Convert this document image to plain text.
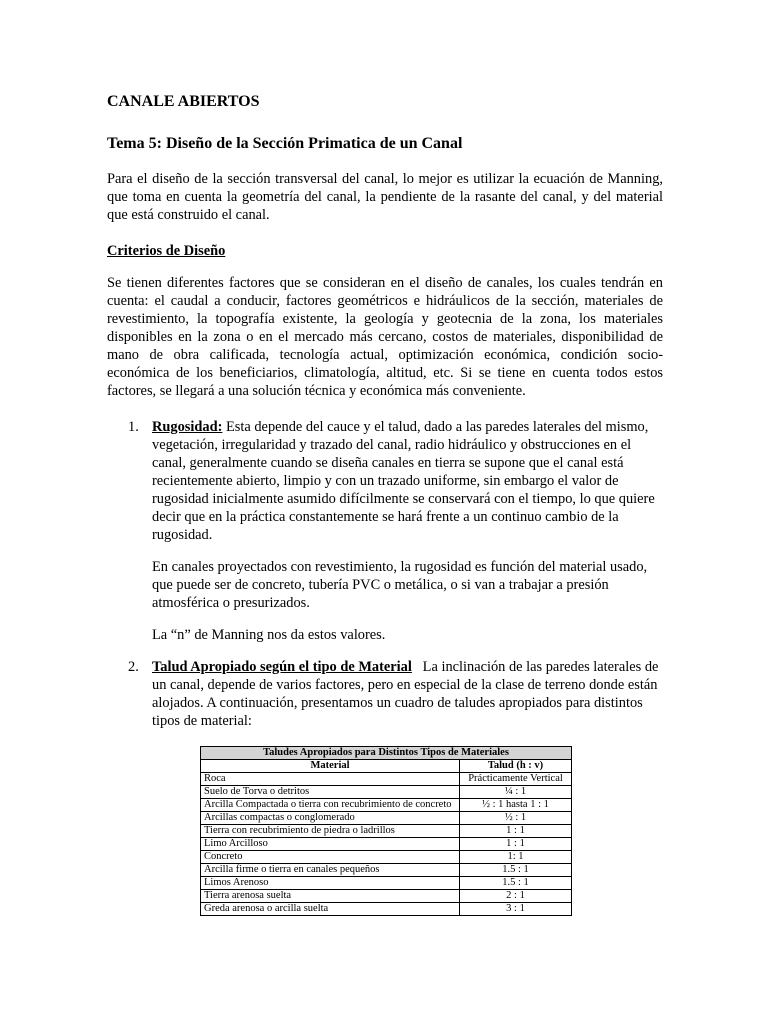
CANALE ABIERTOS
Tema 5: Diseño de la Sección Primatica de un Canal

Para el diseño de la sección transversal del canal, lo mejor es utilizar la ecuación de Manning, que toma en cuenta la geometría del canal, la pendiente de la rasante del canal, y del material que está construido el canal.

Criterios de Diseño

Se tienen diferentes factores que se consideran en el diseño de canales, los cuales tendrán en cuenta: el caudal a conducir, factores geométricos e hidráulicos de la sección, materiales de revestimiento, la topografía existente, la geología y geotecnia de la zona, los materiales disponibles en la zona o en el mercado más cercano, costos de materiales, disponibilidad de mano de obra calificada, tecnología actual, optimización económica, condición socio-económica de los beneficiarios, climatología, altitud, etc. Si se tiene en cuenta todos estos factores, se llegará a una solución técnica y económica más conveniente.

1. Rugosidad: Esta depende del cauce y el talud, dado a las paredes laterales del mismo, vegetación, irregularidad y trazado del canal, radio hidráulico y obstrucciones en el canal, generalmente cuando se diseña canales en tierra se supone que el canal está recientemente abierto, limpio y con un trazado uniforme, sin embargo el valor de rugosidad inicialmente asumido difícilmente se conservará con el tiempo, lo que quiere decir que en la práctica constantemente se hará frente a un continuo cambio de la rugosidad.
En canales proyectados con revestimiento, la rugosidad es función del material usado, que puede ser de concreto, tubería PVC o metálica, o si van a trabajar a presión atmosférica o presurizados.
La “n” de Manning nos da estos valores.
2. Talud Apropiado según el tipo de Material   La inclinación de las paredes laterales de un canal, depende de varios factores, pero en especial de la clase de terreno donde están alojados. A continuación, presentamos un cuadro de taludes apropiados para distintos tipos de material:
Taludes Apropiados para Distintos Tipos de Materiales	
Material	Talud (h : v)
Roca	Prácticamente Vertical
Suelo de Torva o detritos	¼ : 1
Arcilla Compactada o tierra con recubrimiento de concreto	½ : 1 hasta 1 : 1
Arcillas compactas o conglomerado	½ : 1
Tierra con recubrimiento de piedra o ladrillos	1 : 1
Limo Arcilloso	1 : 1
Concreto	1: 1
Arcilla firme o tierra en canales pequeños	1.5 : 1
Limos Arenoso	1.5 : 1
Tierra arenosa suelta	2 : 1
Greda arenosa o arcilla suelta	3 : 1
